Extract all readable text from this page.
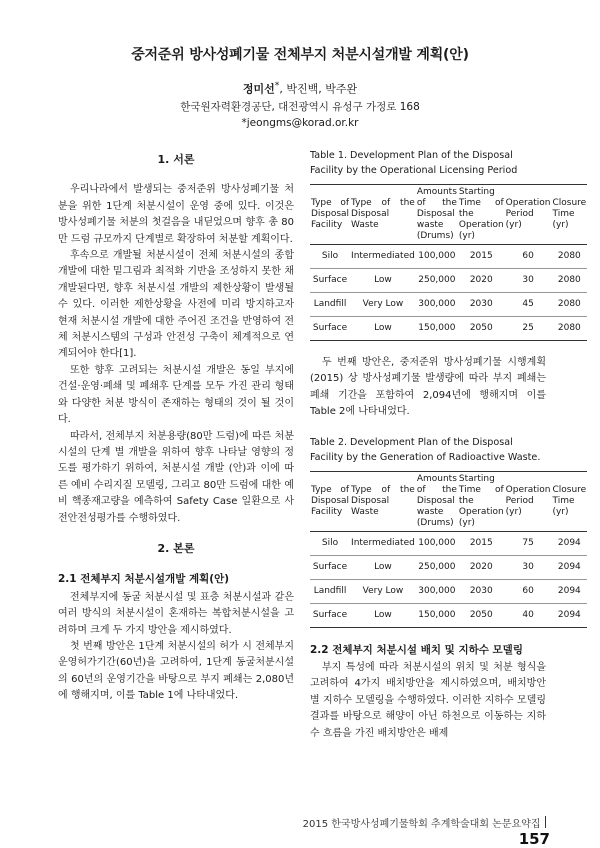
중저준위 방사성폐기물 전체부지 처분시설개발 계획(안)
정미선*, 박진백, 박주완
한국원자력환경공단, 대전광역시 유성구 가정로 168
*jeongms@korad.or.kr
1. 서론

우리나라에서 발생되는 중저준위 방사성폐기물 처분을 위한 1단계 처분시설이 운영 중에 있다. 이것은 방사성폐기물 처분의 첫걸음을 내딛었으며 향후 총 80만 드럼 규모까지 단계별로 확장하여 처분할 계획이다.

후속으로 개발될 처분시설이 전체 처분시설의 종합개발에 대한 밑그림과 최적화 기반을 조성하지 못한 채 개발된다면, 향후 처분시설 개발의 제한상황이 발생될 수 있다. 이러한 제한상황을 사전에 미리 방지하고자 현재 처분시설 개발에 대한 주어진 조건을 반영하여 전체 처분시스템의 구성과 안전성 구축이 체계적으로 연계되어야 한다[1].

또한 향후 고려되는 처분시설 개발은 동일 부지에 건설·운영·폐쇄 및 폐쇄후 단계를 모두 가진 관리 형태와 다양한 처분 방식이 존재하는 형태의 것이 될 것이다.

따라서, 전체부지 처분용량(80만 드럼)에 따른 처분시설의 단계 별 개발을 위하여 향후 나타날 영향의 정도를 평가하기 위하여, 처분시설 개발 (안)과 이에 따른 예비 수리지질 모델링, 그리고 80만 드럼에 대한 예비 핵종재고량을 예측하여 Safety Case 일환으로 사전안전성평가를 수행하였다.

2. 본론
2.1 전체부지 처분시설개발 계획(안)

전체부지에 동굴 처분시설 및 표층 처분시설과 같은 여러 방식의 처분시설이 혼재하는 복합처분시설을 고려하며 크게 두 가지 방안을 제시하였다.

첫 번째 방안은 1단계 처분시설의 허가 시 전체부지 운영허가기간(60년)을 고려하여, 1단계 동굴처분시설의 60년의 운영기간을 바탕으로 부지 폐쇄는 2,080년에 행해지며, 이를 Table 1에 나타내었다.

Table 1. Development Plan of the Disposal Facility by the Operational Licensing Period
Type of Disposal Facility	Type of the Disposal Waste	Amounts of the Disposal waste (Drums)	Starting Time of the Operation (yr)	Operation Period (yr)	Closure Time (yr)
Silo	Intermediated	100,000	2015	60	2080
Surface	Low	250,000	2020	30	2080
Landfill	Very Low	300,000	2030	45	2080
Surface	Low	150,000	2050	25	2080

두 번째 방안은, 중저준위 방사성폐기물 시행계획(2015) 상 방사성폐기물 발생량에 따라 부지 폐쇄는 폐쇄 기간을 포함하여 2,094년에 행해지며 이를 Table 2에 나타내었다.

Table 2. Development Plan of the Disposal Facility by the Generation of Radioactive Waste.
Type of Disposal Facility	Type of the Disposal Waste	Amounts of the Disposal waste (Drums)	Starting Time of the Operation (yr)	Operation Period (yr)	Closure Time (yr)
Silo	Intermediated	100,000	2015	75	2094
Surface	Low	250,000	2020	30	2094
Landfill	Very Low	300,000	2030	60	2094
Surface	Low	150,000	2050	40	2094
2.2 전체부지 처분시설 배치 및 지하수 모델링

부지 특성에 따라 처분시설의 위치 및 처분 형식을 고려하여 4가지 배치방안을 제시하였으며, 배치방안 별 지하수 모델링을 수행하였다. 이러한 지하수 모델링 결과를 바탕으로 해양이 아닌 하천으로 이동하는 지하수 흐름을 가진 배치방안은 배제

2015 한국방사성폐기물학회 추계학술대회 논문요약집157
